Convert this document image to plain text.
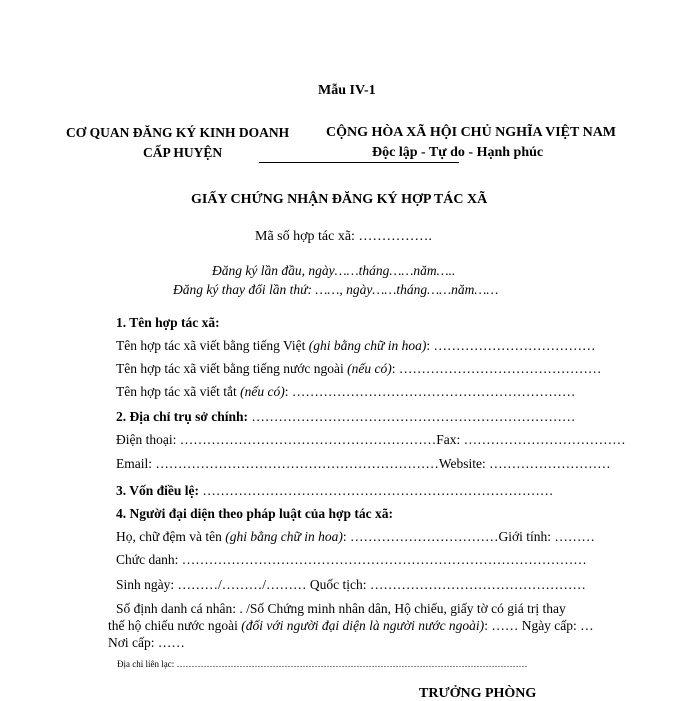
Mẫu IV-1
CƠ QUAN ĐĂNG KÝ KINH DOANH
CẤP HUYỆN
CỘNG HÒA XÃ HỘI CHỦ NGHĨA VIỆT NAM
Độc lập - Tự do - Hạnh phúc
GIẤY CHỨNG NHẬN ĐĂNG KÝ HỢP TÁC XÃ
Mã số hợp tác xã: …………….
Đăng ký lần đầu, ngày……tháng……năm…..
Đăng ký thay đổi lần thứ: ……, ngày……tháng……năm……
1. Tên hợp tác xã:
Tên hợp tác xã viết bằng tiếng Việt (ghi bằng chữ in hoa): ………………………………
Tên hợp tác xã viết bằng tiếng nước ngoài (nếu có): ………………………………………
Tên hợp tác xã viết tắt (nếu có): ………………………………………………………
2. Địa chỉ trụ sở chính: ………………………………………………………………
Điện thoại: …………………………………………………Fax: ………………………………
Email: ………………………………………………………Website: ………………………
3. Vốn điều lệ: ……………………………………………………………………
4. Người đại diện theo pháp luật của hợp tác xã:
Họ, chữ đệm và tên (ghi bằng chữ in hoa): ……………………………Giới tính: ………
Chức danh: ………………………………………………………………………………
Sinh ngày: ………/………/……… Quốc tịch: …………………………………………
Số định danh cá nhân: . /Số Chứng minh nhân dân, Hộ chiếu, giấy tờ có giá trị thay
thế hộ chiếu nước ngoài (đối với người đại diện là người nước ngoài): …… Ngày cấp: …
Nơi cấp: ……
Địa chỉ liên lạc: ………………………………………………………………………………………………………
TRƯỞNG PHÒNG
